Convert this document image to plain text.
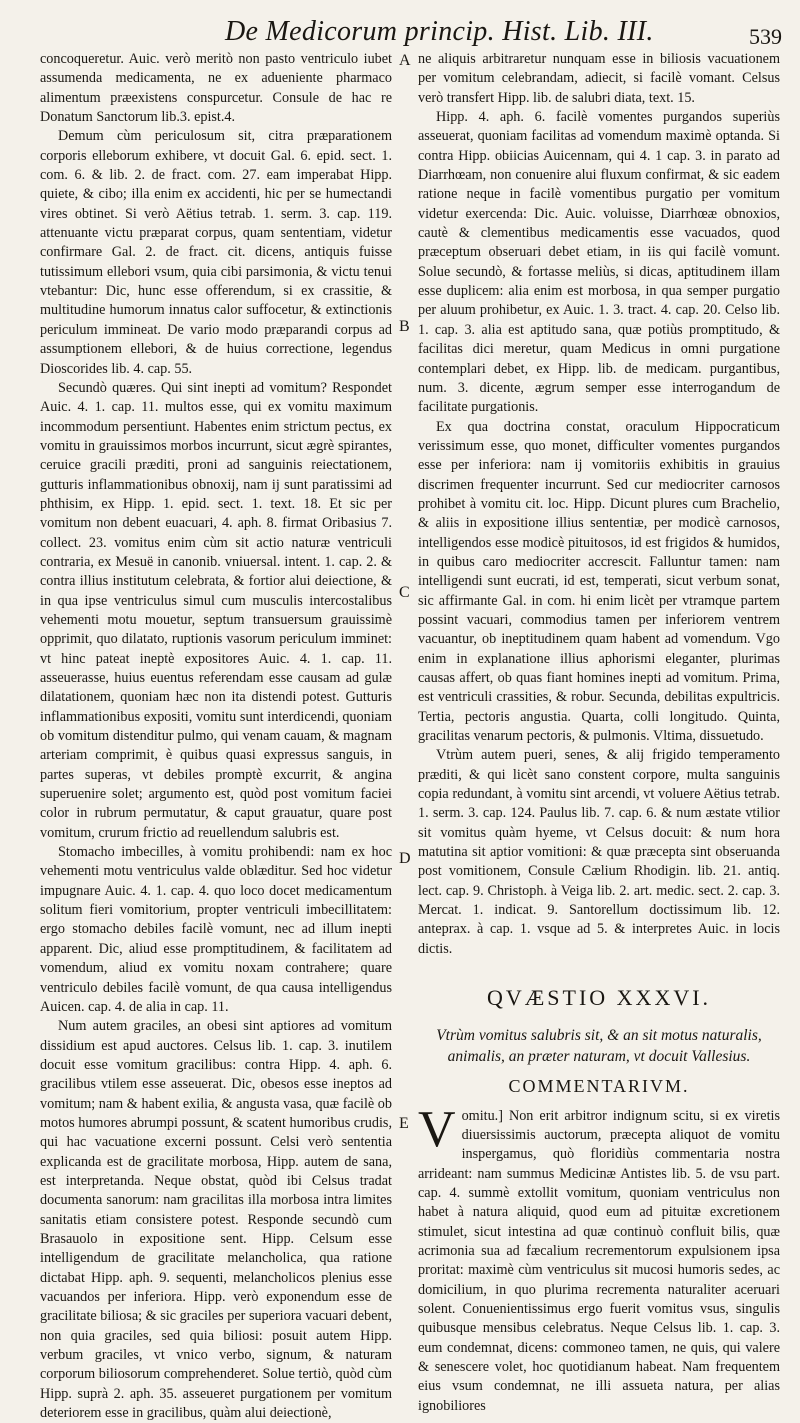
De Medicorum princip. Hist. Lib. III.	539
A
B
C
D
E

concoqueretur. Auic. verò meritò non pasto ventriculo iubet assumenda medicamenta, ne ex adueniente pharmaco alimentum præexistens conspurcetur. Consule de hac re Donatum Sanctorum lib.3. epist.4.

Demum cùm periculosum sit, citra præparationem corporis elleborum exhibere, vt docuit Gal. 6. epid. sect. 1. com. 6. & lib. 2. de fract. com. 27. eam imperabat Hipp. quiete, & cibo; illa enim ex accidenti, hic per se humectandi vires obtinet. Si verò Aëtius tetrab. 1. serm. 3. cap. 119. attenuante victu præparat corpus, quam sententiam, videtur confirmare Gal. 2. de fract. cit. dicens, antiquis fuisse tutissimum ellebori vsum, quia cibi parsimonia, & victu tenui vtebantur: Dic, hunc esse offerendum, si ex crassitie, & multitudine humorum innatus calor suffocetur, & extinctionis periculum immineat. De vario modo præparandi corpus ad assumptionem ellebori, & de huius correctione, legendus Dioscorides lib. 4. cap. 55.

Secundò quæres. Qui sint inepti ad vomitum? Respondet Auic. 4. 1. cap. 11. multos esse, qui ex vomitu maximum incommodum persentiunt. Habentes enim strictum pectus, ex vomitu in grauissimos morbos incurrunt, sicut ægrè spirantes, ceruice gracili præditi, proni ad sanguinis reiectationem, gutturis inflammationibus obnoxij, nam ij sunt paratissimi ad phthisim, ex Hipp. 1. epid. sect. 1. text. 18. Et sic per vomitum non debent euacuari, 4. aph. 8. firmat Oribasius 7. collect. 23. vomitus enim cùm sit actio naturæ ventriculi contraria, ex Mesuë in canonib. vniuersal. intent. 1. cap. 2. & contra illius institutum celebrata, & fortior alui deiectione, & in qua ipse ventriculus simul cum musculis intercostalibus vehementi motu mouetur, septum transuersum grauissimè opprimit, quo dilatato, ruptionis vasorum periculum imminet: vt hinc pateat ineptè expositores Auic. 4. 1. cap. 11. asseuerasse, huius euentus referendam esse causam ad gulæ dilatationem, quoniam hæc non ita distendi potest. Gutturis inflammationibus expositi, vomitu sunt interdicendi, quoniam ob vomitum distenditur pulmo, qui venam cauam, & magnam arteriam comprimit, è quibus quasi expressus sanguis, in partes superas, vt debiles promptè excurrit, & angina superuenire solet; argumento est, quòd post vomitum faciei color in rubrum permutatur, & caput grauatur, quare post vomitum, crurum frictio ad reuellendum salubris est.

Stomacho imbecilles, à vomitu prohibendi: nam ex hoc vehementi motu ventriculus valde oblæditur. Sed hoc videtur impugnare Auic. 4. 1. cap. 4. quo loco docet medicamentum solitum fieri vomitorium, propter ventriculi imbecillitatem: ergo stomacho debiles facilè vomunt, nec ad illum inepti apparent. Dic, aliud esse promptitudinem, & facilitatem ad vomendum, aliud ex vomitu noxam contrahere; quare ventriculo debiles facilè vomunt, de qua causa intelligendus Auicen. cap. 4. de alia in cap. 11.

Num autem graciles, an obesi sint aptiores ad vomitum dissidium est apud auctores. Celsus lib. 1. cap. 3. inutilem docuit esse vomitum gracilibus: contra Hipp. 4. aph. 6. gracilibus vtilem esse asseuerat. Dic, obesos esse ineptos ad vomitum; nam & habent exilia, & angusta vasa, quæ facilè ob motos humores abrumpi possunt, & scatent humoribus crudis, qui hac vacuatione excerni possunt. Celsi verò sententia explicanda est de gracilitate morbosa, Hipp. autem de sana, est interpretanda. Neque obstat, quòd ibi Celsus tradat documenta sanorum: nam gracilitas illa morbosa intra limites sanitatis etiam consistere potest. Responde secundò cum Brasauolo in expositione sent. Hipp. Celsum esse intelligendum de gracilitate melancholica, qua ratione dictabat Hipp. aph. 9. sequenti, melancholicos plenius esse vacuandos per inferiora. Hipp. verò exponendum esse de gracilitate biliosa; & sic graciles per superiora vacuari debent, non quia graciles, sed quia biliosi: posuit autem Hipp. verbum graciles, vt vnico verbo, signum, & naturam corporum biliosorum comprehenderet. Solue tertiò, quòd cùm Hipp. suprà 2. aph. 35. asseueret purgationem per vomitum deteriorem esse in gracilibus, quàm alui deiectionè,

ne aliquis arbitraretur nunquam esse in biliosis vacuationem per vomitum celebrandam, adiecit, si facilè vomant. Celsus verò transfert Hipp. lib. de salubri diata, text. 15.

Hipp. 4. aph. 6. facilè vomentes purgandos superiùs asseuerat, quoniam facilitas ad vomendum maximè optanda. Si contra Hipp. obiicias Auicennam, qui 4. 1 cap. 3. in parato ad Diarrhœam, non conuenire alui fluxum confirmat, & sic eadem ratione neque in facilè vomentibus purgatio per vomitum videtur exercenda: Dic. Auic. voluisse, Diarrhœæ obnoxios, cautè & clementibus medicamentis esse vacuados, quod præceptum obseruari debet etiam, in iis qui facilè vomunt. Solue secundò, & fortasse meliùs, si dicas, aptitudinem illam esse duplicem: alia enim est morbosa, in qua semper purgatio per aluum prohibetur, ex Auic. 1. 3. tract. 4. cap. 20. Celso lib. 1. cap. 3. alia est aptitudo sana, quæ potiùs promptitudo, & facilitas dici meretur, quam Medicus in omni purgatione contemplari debet, ex Hipp. lib. de medicam. purgantibus, num. 3. dicente, ægrum semper esse interrogandum de facilitate purgationis.

Ex qua doctrina constat, oraculum Hippocraticum verissimum esse, quo monet, difficulter vomentes purgandos esse per inferiora: nam ij vomitoriis exhibitis in grauius discrimen frequenter incurrunt. Sed cur mediocriter carnosos prohibet à vomitu cit. loc. Hipp. Dicunt plures cum Brachelio, & aliis in expositione illius sententiæ, per modicè carnosos, intelligendos esse modicè pituitosos, id est frigidos & humidos, in quibus caro mediocriter accrescit. Falluntur tamen: nam intelligendi sunt eucrati, id est, temperati, sicut verbum sonat, sic affirmante Gal. in com. hi enim licèt per vtramque partem possint vacuari, commodius tamen per inferiorem ventrem vacuantur, ob ineptitudinem quam habent ad vomendum. Vgo enim in explanatione illius aphorismi eleganter, plurimas causas affert, ob quas fiant homines inepti ad vomitum. Prima, est ventriculi crassities, & robur. Secunda, debilitas expultricis. Tertia, pectoris angustia. Quarta, colli longitudo. Quinta, gracilitas venarum pectoris, & pulmonis. Vltima, dissuetudo.

Vtrùm autem pueri, senes, & alij frigido temperamento præditi, & qui licèt sano constent corpore, multa sanguinis copia redundant, à vomitu sint arcendi, vt voluere Aëtius tetrab. 1. serm. 3. cap. 124. Paulus lib. 7. cap. 6. & num æstate vtilior sit vomitus quàm hyeme, vt Celsus docuit: & num hora matutina sit aptior vomitioni: & quæ præcepta sint obseruanda post vomitionem, Consule Cælium Rhodigin. lib. 21. antiq. lect. cap. 9. Christoph. à Veiga lib. 2. art. medic. sect. 2. cap. 3. Mercat. 1. indicat. 9. Santorellum doctissimum lib. 12. anteprax. à cap. 1. vsque ad 5. & interpretes Auic. in locis dictis.

QVÆSTIO XXXVI.
Vtrùm vomitus salubris sit, & an sit motus naturalis, animalis, an præter naturam, vt docuit Vallesius.
COMMENTARIVM.

Vomitu.] Non erit arbitror indignum scitu, si ex viretis diuersissimis auctorum, præcepta aliquot de vomitu inspergamus, quò floridiùs commentaria nostra arrideant: nam summus Medicinæ Antistes lib. 5. de vsu part. cap. 4. summè extollit vomitum, quoniam ventriculus non habet à natura aliquid, quod eum ad pituitæ excretionem stimulet, sicut intestina ad quæ continuò confluit bilis, quæ acrimonia sua ad fæcalium recrementorum expulsionem ipsa proritat: maximè cùm ventriculus sit mucosi humoris sedes, ac domicilium, in quo plurima recrementa naturaliter aceruari solent. Conuenientissimus ergo fuerit vomitus vsus, singulis quibusque mensibus celebratus. Neque Celsus lib. 1. cap. 3. eum condemnat, dicens: commoneo tamen, ne quis, qui valere & senescere volet, hoc quotidianum habeat. Nam frequentem eius vsum condemnat, ne illi assueta natura, per alias ignobiliores
